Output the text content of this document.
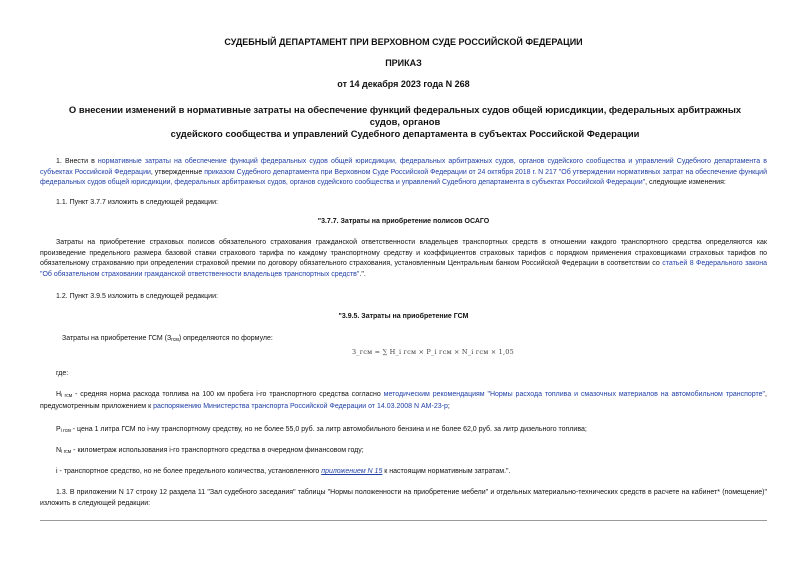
СУДЕБНЫЙ ДЕПАРТАМЕНТ ПРИ ВЕРХОВНОМ СУДЕ РОССИЙСКОЙ ФЕДЕРАЦИИ
ПРИКАЗ
от 14 декабря 2023 года N 268
О внесении изменений в нормативные затраты на обеспечение функций федеральных судов общей юрисдикции, федеральных арбитражных судов, органов
судейского сообщества и управлений Судебного департамента в субъектах Российской Федерации
1. Внести в нормативные затраты на обеспечение функций федеральных судов общей юрисдикции, федеральных арбитражных судов, органов судейского сообщества и управлений Судебного департамента в субъектах Российской Федерации, утвержденные приказом Судебного департамента при Верховном Суде Российской Федерации от 24 октября 2018 г. N 217 "Об утверждении нормативных затрат на обеспечение функций федеральных судов общей юрисдикции, федеральных арбитражных судов, органов судейского сообщества и управлений Судебного департамента в субъектах Российской Федерации", следующие изменения:
1.1. Пункт 3.7.7 изложить в следующей редакции:
"3.7.7. Затраты на приобретение полисов ОСАГО
Затраты на приобретение страховых полисов обязательного страхования гражданской ответственности владельцев транспортных средств в отношении каждого транспортного средства определяются как произведение предельного размера базовой ставки страхового тарифа по каждому транспортному средству и коэффициентов страховых тарифов с порядком применения страховщиками страховых тарифов по обязательному страхованию при определении страховой премии по договору обязательного страхования, установленным Центральным банком Российской Федерации в соответствии со статьей 8 Федерального закона "Об обязательном страховании гражданской ответственности владельцев транспортных средств".".
1.2. Пункт 3.9.5 изложить в следующей редакции:
"3.9.5. Затраты на приобретение ГСМ
Затраты на приобретение ГСМ $(З_{гсм})$ определяются по формуле:
З_гсм = ∑ Н_i гсм × Р_i гсм × N_i гсм × 1,05
где:
$Н_{i гсм}$ - средняя норма расхода топлива на 100 км пробега i-го транспортного средства согласно методическим рекомендациям "Нормы расхода топлива и смазочных материалов на автомобильном транспорте", предусмотренным приложением к распоряжению Министерства транспорта Российской Федерации от 14.03.2008 N АМ-23-р;
$Р_{i гсм}$ - цена 1 литра ГСМ по i-му транспортному средству, но не более 55,0 руб. за литр автомобильного бензина и не более 62,0 руб. за литр дизельного топлива;
$N_{i гсм}$ - километраж использования i-го транспортного средства в очередном финансовом году;
i - транспортное средство, но не более предельного количества, установленного приложением N 15 к настоящим нормативным затратам.".
1.3. В приложении N 17 строку 12 раздела 11 "Зал судебного заседания" таблицы "Нормы положенности на приобретение мебели" и отдельных материально-технических средств в расчете на кабинет* (помещение)" изложить в следующей редакции:
